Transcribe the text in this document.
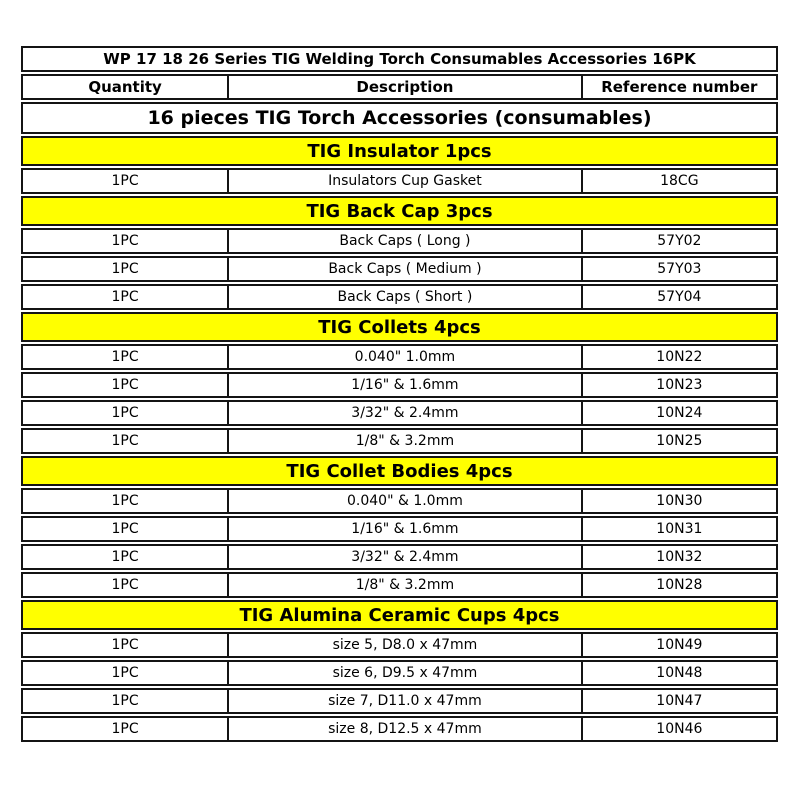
WP 17 18 26 Series TIG Welding Torch Consumables Accessories 16PK		
Quantity	Description	Reference number
16 pieces TIG Torch Accessories (consumables)		
TIG Insulator 1pcs		
1PC	Insulators Cup Gasket	18CG
TIG Back Cap 3pcs		
1PC	Back Caps ( Long )	57Y02
1PC	Back Caps ( Medium )	57Y03
1PC	Back Caps ( Short )	57Y04
TIG Collets 4pcs		
1PC	0.040" 1.0mm	10N22
1PC	1/16" & 1.6mm	10N23
1PC	3/32" & 2.4mm	10N24
1PC	1/8" & 3.2mm	10N25
TIG Collet Bodies 4pcs		
1PC	0.040" & 1.0mm	10N30
1PC	1/16" & 1.6mm	10N31
1PC	3/32" & 2.4mm	10N32
1PC	1/8" & 3.2mm	10N28
TIG Alumina Ceramic Cups 4pcs		
1PC	size 5, D8.0 x 47mm	10N49
1PC	size 6, D9.5 x 47mm	10N48
1PC	size 7, D11.0 x 47mm	10N47
1PC	size 8, D12.5 x 47mm	10N46
